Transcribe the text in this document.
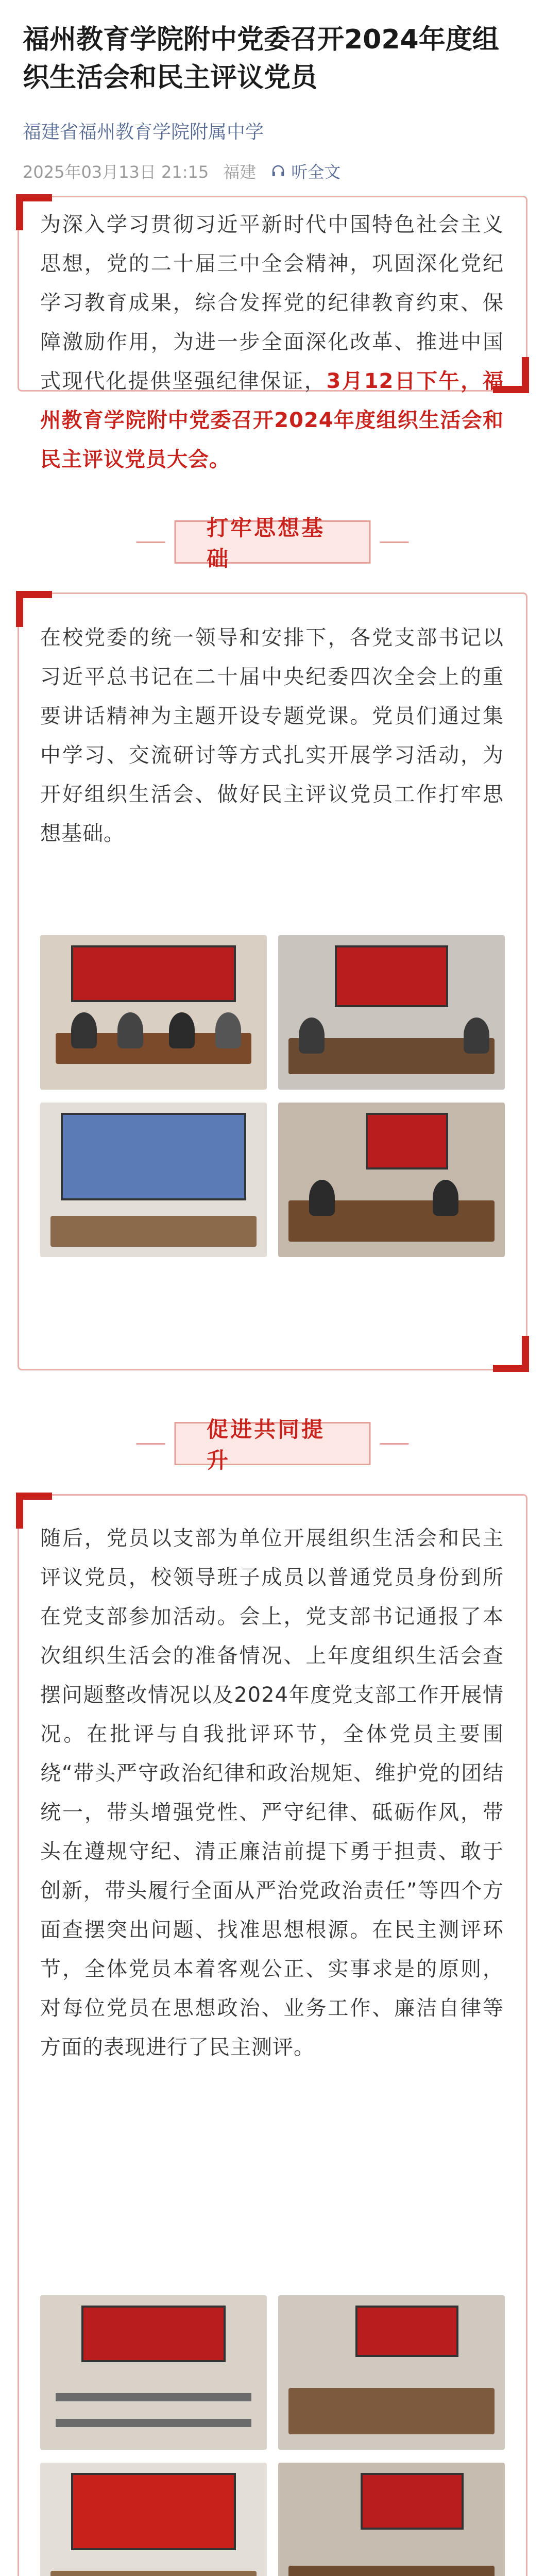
福州教育学院附中党委召开2024年度组织生活会和民主评议党员
福建省福州教育学院附属中学
2025年03月13日 21:15 福建 听全文
为深入学习贯彻习近平新时代中国特色社会主义思想，党的二十届三中全会精神，巩固深化党纪学习教育成果，综合发挥党的纪律教育约束、保障激励作用，为进一步全面深化改革、推进中国式现代化提供坚强纪律保证，3月12日下午，福州教育学院附中党委召开2024年度组织生活会和民主评议党员大会。
打牢思想基础
在校党委的统一领导和安排下，各党支部书记以习近平总书记在二十届中央纪委四次全会上的重要讲话精神为主题开设专题党课。党员们通过集中学习、交流研讨等方式扎实开展学习活动，为开好组织生活会、做好民主评议党员工作打牢思想基础。
促进共同提升
随后，党员以支部为单位开展组织生活会和民主评议党员，校领导班子成员以普通党员身份到所在党支部参加活动。会上，党支部书记通报了本次组织生活会的准备情况、上年度组织生活会查摆问题整改情况以及2024年度党支部工作开展情况。在批评与自我批评环节，全体党员主要围绕“带头严守政治纪律和政治规矩、维护党的团结统一，带头增强党性、严守纪律、砥砺作风，带头在遵规守纪、清正廉洁前提下勇于担责、敢于创新，带头履行全面从严治党政治责任”等四个方面查摆突出问题、找准思想根源。在民主测评环节，全体党员本着客观公正、实事求是的原则，对每位党员在思想政治、业务工作、廉洁自律等方面的表现进行了民主测评。
